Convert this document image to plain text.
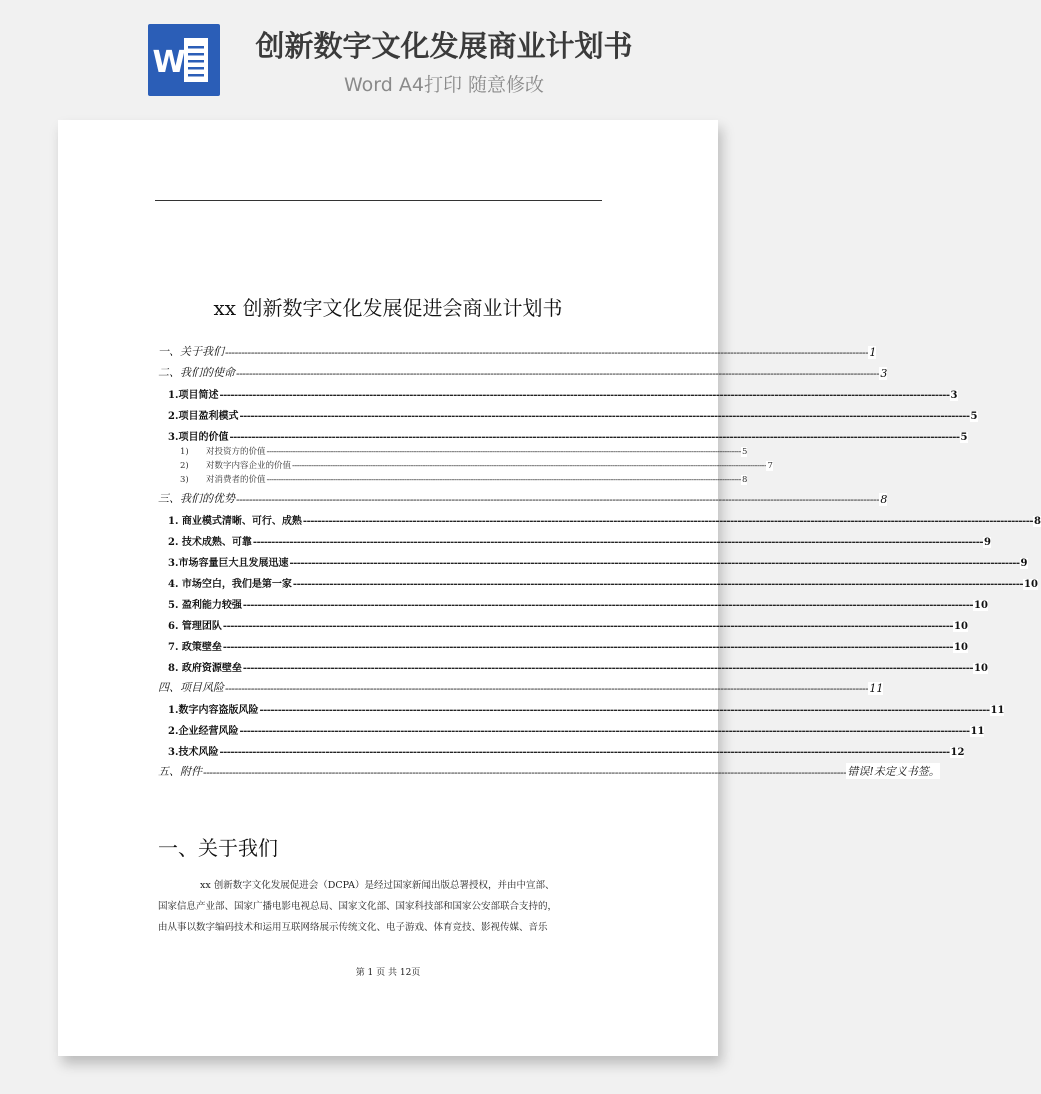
W	创新数字文化发展商业计划书
Word A4打印 随意修改
xx 创新数字文化发展促进会商业计划书
一、关于我们 -------------------------------------------------------------------------------------------------------------------------------------------------------------------------------------------------------- 1
二、我们的使命 -------------------------------------------------------------------------------------------------------------------------------------------------------------------------------------------------------- 3
1.项目简述 -------------------------------------------------------------------------------------------------------------------------------------------------------------------------------------------------------- 3
2.项目盈利模式 -------------------------------------------------------------------------------------------------------------------------------------------------------------------------------------------------------- 5
3.项目的价值 -------------------------------------------------------------------------------------------------------------------------------------------------------------------------------------------------------- 5
1) 对投资方的价值 -------------------------------------------------------------------------------------------------------------------------------------------------------------------------------------------------------- 5
2) 对数字内容企业的价值 -------------------------------------------------------------------------------------------------------------------------------------------------------------------------------------------------------- 7
3) 对消费者的价值 -------------------------------------------------------------------------------------------------------------------------------------------------------------------------------------------------------- 8
三、我们的优势 -------------------------------------------------------------------------------------------------------------------------------------------------------------------------------------------------------- 8
1. 商业模式清晰、可行、成熟 -------------------------------------------------------------------------------------------------------------------------------------------------------------------------------------------------------- 8
2. 技术成熟、可靠 -------------------------------------------------------------------------------------------------------------------------------------------------------------------------------------------------------- 9
3.市场容量巨大且发展迅速 -------------------------------------------------------------------------------------------------------------------------------------------------------------------------------------------------------- 9
4. 市场空白，我们是第一家 -------------------------------------------------------------------------------------------------------------------------------------------------------------------------------------------------------- 10
5. 盈利能力较强 -------------------------------------------------------------------------------------------------------------------------------------------------------------------------------------------------------- 10
6. 管理团队 -------------------------------------------------------------------------------------------------------------------------------------------------------------------------------------------------------- 10
7. 政策壁垒 -------------------------------------------------------------------------------------------------------------------------------------------------------------------------------------------------------- 10
8. 政府资源壁垒 -------------------------------------------------------------------------------------------------------------------------------------------------------------------------------------------------------- 10
四、项目风险 -------------------------------------------------------------------------------------------------------------------------------------------------------------------------------------------------------- 11
1.数字内容盗版风险 -------------------------------------------------------------------------------------------------------------------------------------------------------------------------------------------------------- 11
2.企业经营风险 -------------------------------------------------------------------------------------------------------------------------------------------------------------------------------------------------------- 11
3.技术风险 -------------------------------------------------------------------------------------------------------------------------------------------------------------------------------------------------------- 12
五、附件 -------------------------------------------------------------------------------------------------------------------------------------------------------------------------------------------------------- 错误!未定义书签。
一、关于我们
xx 创新数字文化发展促进会（DCPA）是经过国家新闻出版总署授权，并由中宣部、
国家信息产业部、国家广播电影电视总局、国家文化部、国家科技部和国家公安部联合支持的，
由从事以数字编码技术和运用互联网络展示传统文化、电子游戏、体育竞技、影视传媒、音乐
第 1 页 共 12页
